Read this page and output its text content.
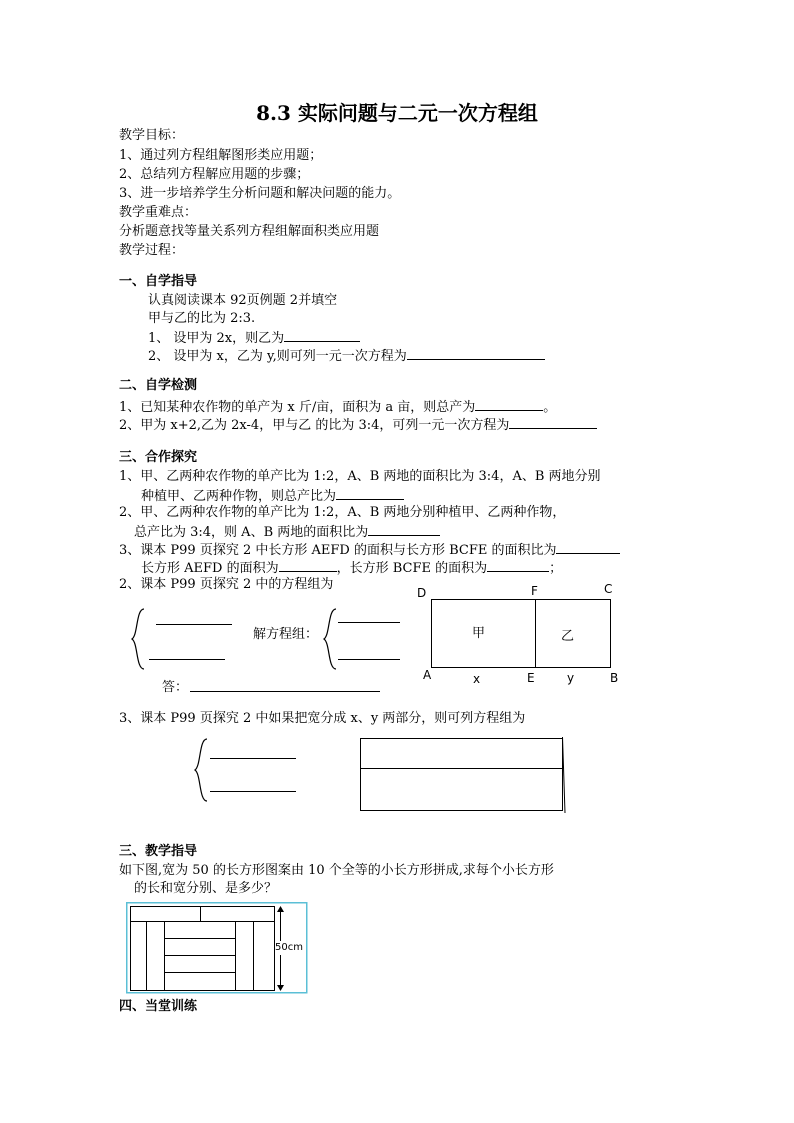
8.3 实际问题与二元一次方程组
教学目标：
1、通过列方程组解图形类应用题；
2、总结列方程解应用题的步骤；
3、进一步培养学生分析问题和解决问题的能力。
教学重难点：
分析题意找等量关系列方程组解面积类应用题
教学过程：
一、自学指导
认真阅读课本 92页例题 2并填空
甲与乙的比为 2:3.
1、 设甲为 2x，则乙为
2、 设甲为 x，乙为 y,则可列一元一次方程为
二、自学检测
1、已知某种农作物的单产为 x 斤/亩，面积为 a 亩，则总产为	。
2、甲为 x+2,乙为 2x-4，甲与乙 的比为 3:4，可列一元一次方程为
三、合作探究
1、甲、乙两种农作物的单产比为 1:2，A、B 两地的面积比为 3:4，A、B 两地分别
种植甲、乙两种作物，则总产比为
2、甲、乙两种农作物的单产比为 1:2，A、B 两地分别种植甲、乙两种作物，
总产比为 3:4，则 A、B 两地的面积比为
3、课本 P99 页探究 2 中长方形 AEFD 的面积与长方形 BCFE 的面积比为
长方形 AEFD 的面积为	，长方形 BCFE 的面积为	；
2、课本 P99 页探究 2 中的方程组为
解方程组：
答：
D	F	C
A	E	B
x	y
甲	乙
3、课本 P99 页探究 2 中如果把宽分成 x、y 两部分，则可列方程组为
三、教学指导
如下图,宽为 50 的长方形图案由 10 个全等的小长方形拼成,求每个小长方形
的长和宽分别、是多少？
50cm
四、当堂训练
